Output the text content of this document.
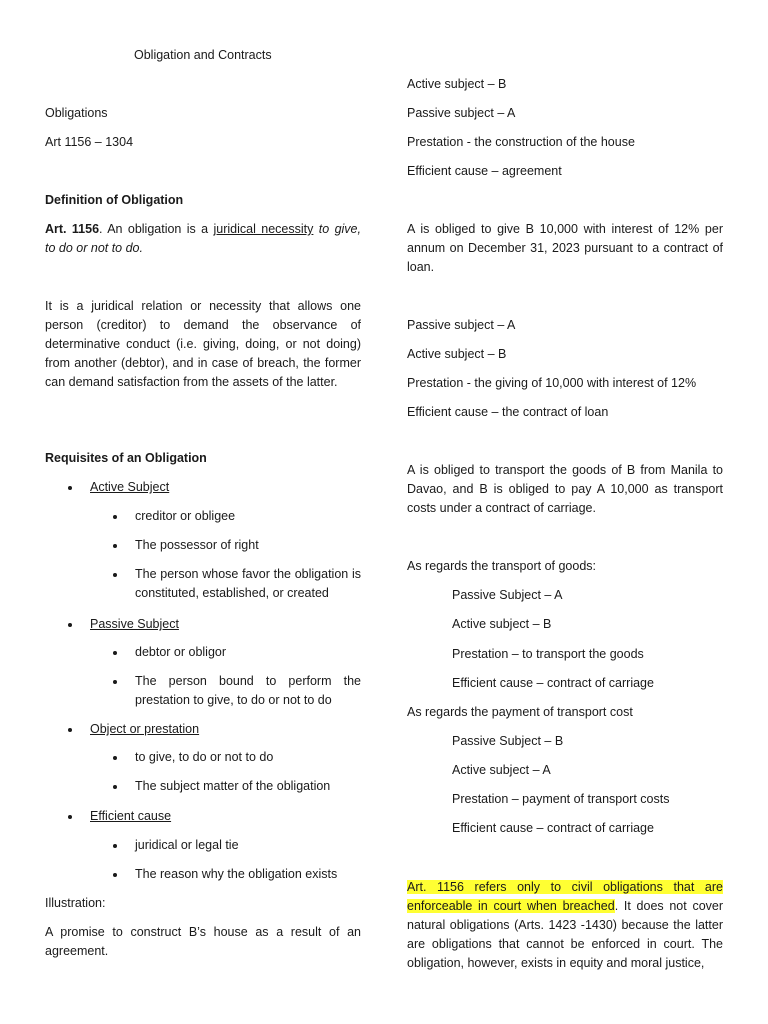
Obligation and Contracts

Obligations

Art 1156 – 1304

Definition of Obligation

Art. 1156. An obligation is a juridical necessity to give,

to do or not to do.

It is a juridical relation or necessity that allows one person (creditor) to demand the observance of determinative conduct (i.e. giving, doing, or not doing) from another (debtor), and in case of breach, the former can demand satisfaction from the assets of the latter.

Requisites of an Obligation

Active Subject
creditor or obligee
The possessor of right
The person whose favor the obligation is constituted, established, or created
Passive Subject
debtor or obligor
The person bound to perform the prestation to give, to do or not to do
Object or prestation
to give, to do or not to do
The subject matter of the obligation
Efficient cause
juridical or legal tie
The reason why the obligation exists

Illustration:

A promise to construct B’s house as a result of an agreement.

Active subject – B

Passive subject – A

Prestation - the construction of the house

Efficient cause – agreement

A is obliged to give B 10,000 with interest of 12% per annum on December 31, 2023 pursuant to a contract of loan.

Passive subject – A

Active subject – B

Prestation - the giving of 10,000 with interest of 12%

Efficient cause – the contract of loan

A is obliged to transport the goods of B from Manila to Davao, and B is obliged to pay A 10,000 as transport costs under a contract of carriage.

As regards the transport of goods:

Passive Subject – A
Active subject – B
Prestation – to transport the goods
Efficient cause – contract of carriage

As regards the payment of transport cost

Passive Subject – B
Active subject – A
Prestation – payment of transport costs
Efficient cause – contract of carriage

Art. 1156 refers only to civil obligations that are enforceable in court when breached. It does not cover natural obligations (Arts. 1423 -1430) because the latter are obligations that cannot be enforced in court. The obligation, however, exists in equity and moral justice,
